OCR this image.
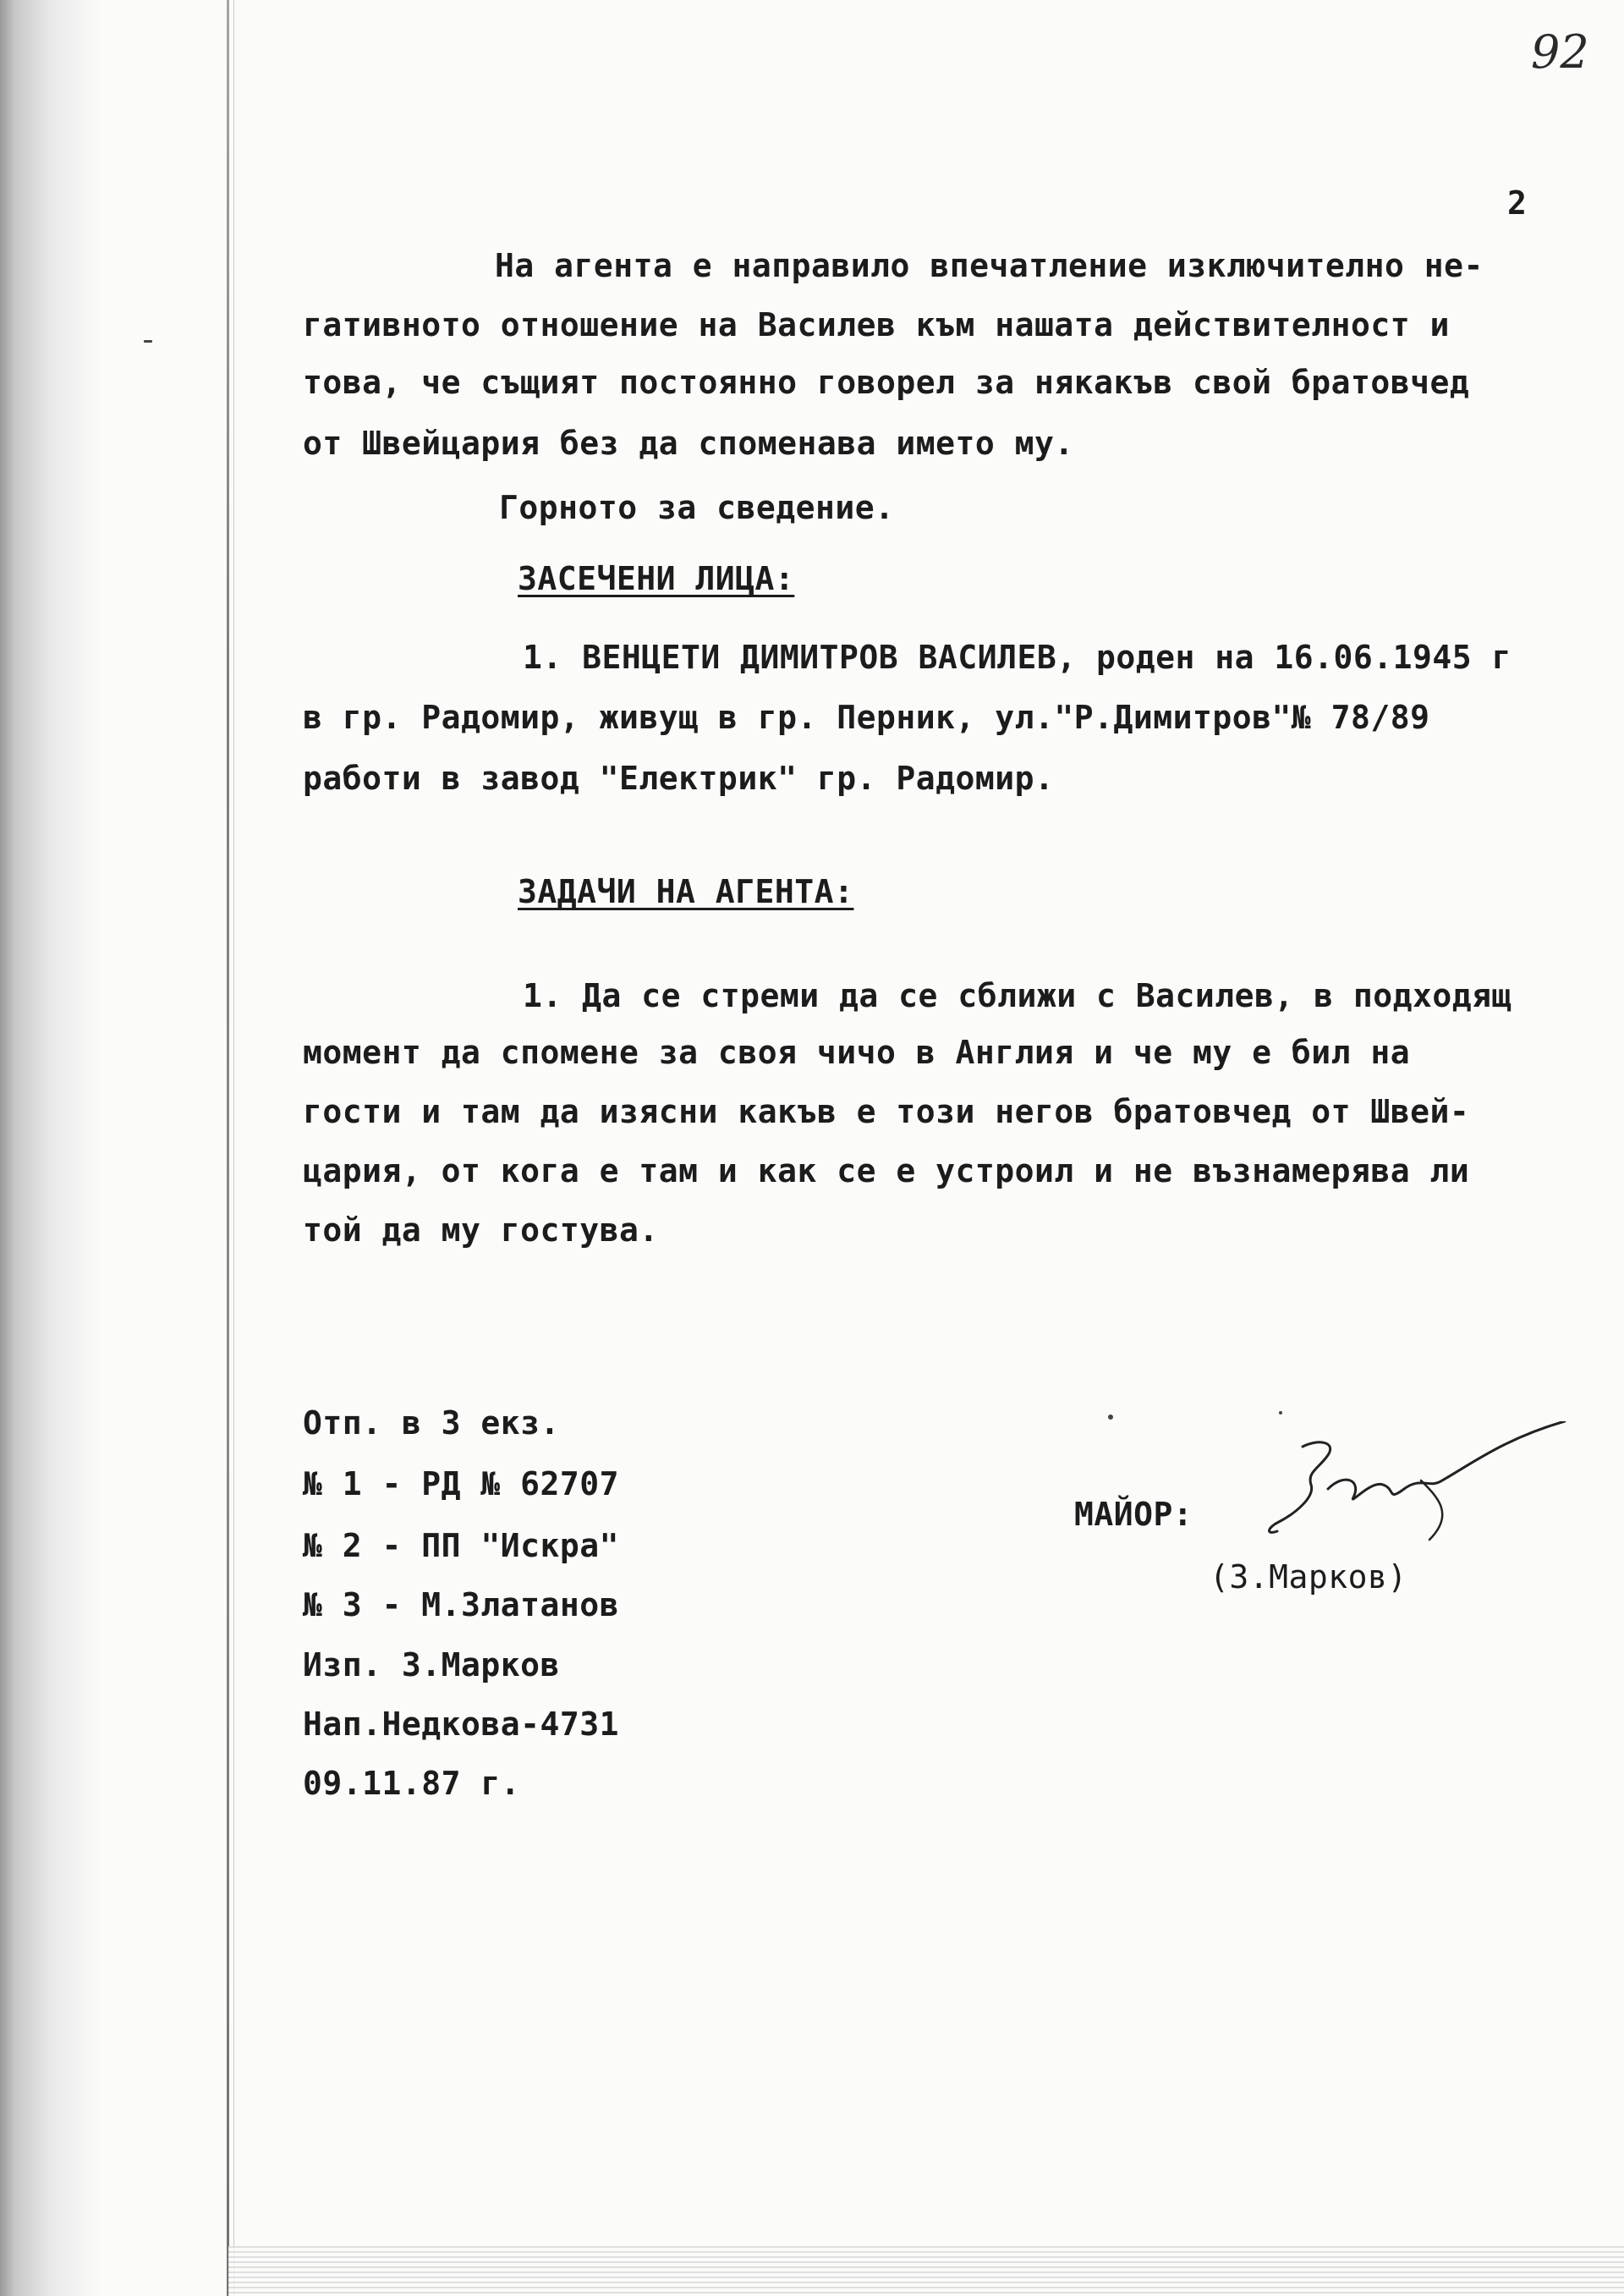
92
2
На агента е направило впечатление изключително не-
гативното отношение на Василев към нашата действителност и
това, че същият постоянно говорел за някакъв свой братовчед
от Швейцария без да споменава името му.
Горното за сведение.
ЗАСЕЧЕНИ ЛИЦА:
1. ВЕНЦЕТИ ДИМИТРОВ ВАСИЛЕВ, роден на 16.06.1945 г
в гр. Радомир, живущ в гр. Перник, ул."Р.Димитров"№ 78/89
работи в завод "Електрик" гр. Радомир.
ЗАДАЧИ НА АГЕНТА:
1. Да се стреми да се сближи с Василев, в подходящ
момент да спомене за своя чичо в Англия и че му е бил на
гости и там да изясни какъв е този негов братовчед от Швей-
цария, от кога е там и как се е устроил и не възнамерява ли
той да му гостува.
Отп. в 3 екз.
№ 1 - РД № 62707
№ 2 - ПП "Искра"
№ 3 - М.Златанов
Изп. З.Марков
Нап.Недкова-4731
09.11.87 г.
МАЙОР:
(З.Марков)
